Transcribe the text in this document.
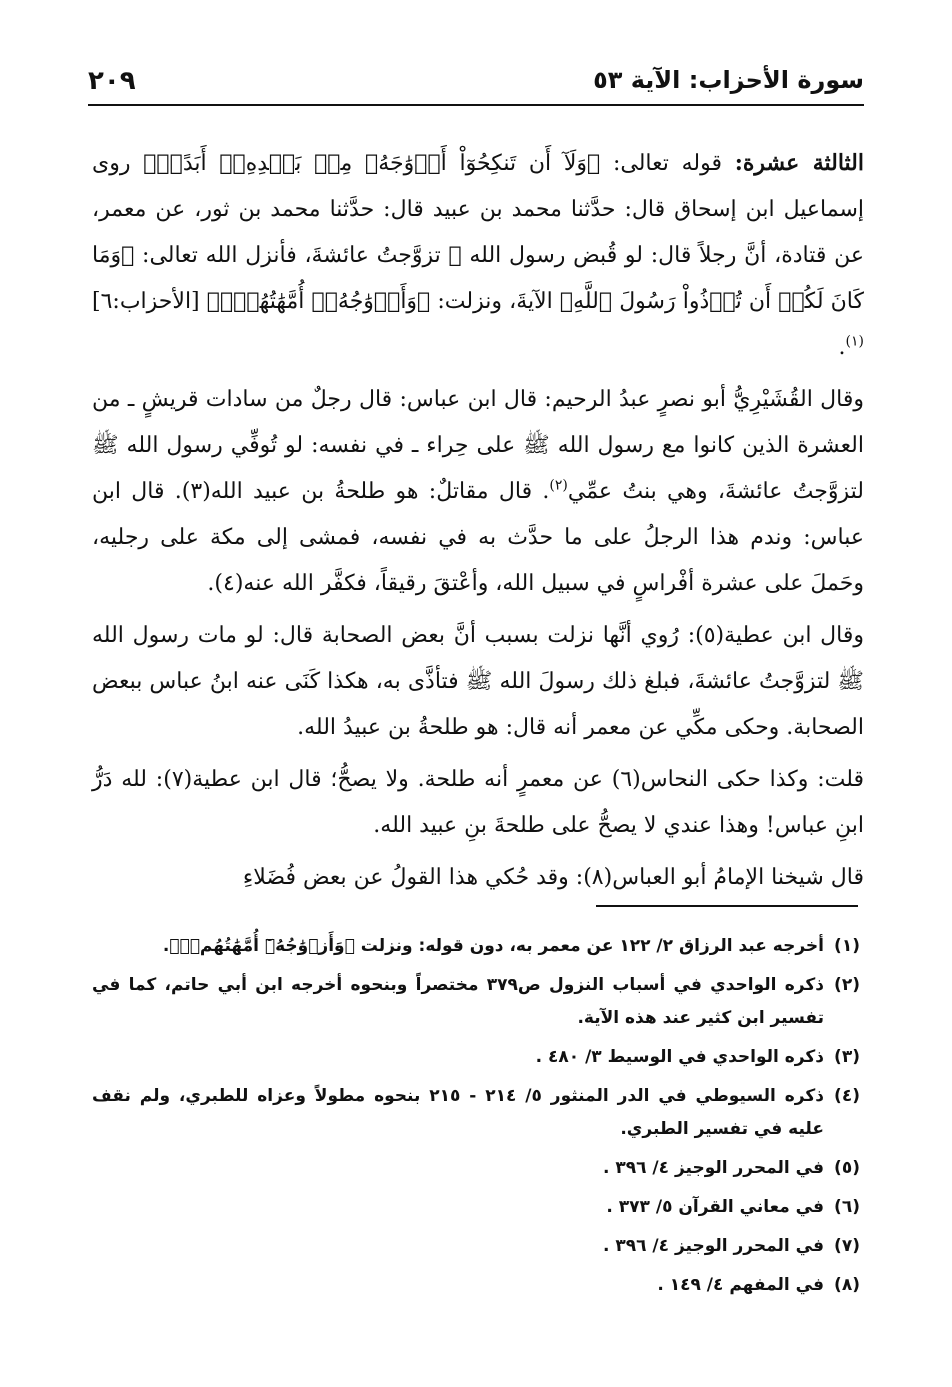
سورة الأحزاب: الآية ٥٣
٢٠٩

الثالثة عشرة: قوله تعالى: ﴿وَلَآ أَن تَنكِحُوٓاْ أَزۡوَٰجَهُۥ مِنۢ بَعۡدِهِۦٓ أَبَدًاۚ﴾ روى إسماعيل ابن إسحاق قال: حدَّثنا محمد بن عبيد قال: حدَّثنا محمد بن ثور، عن معمر، عن قتادة، أنَّ رجلاً قال: لو قُبض رسول الله ﷺ تزوَّجتُ عائشةَ، فأنزل الله تعالى: ﴿وَمَا كَانَ لَكُمۡ أَن تُؤۡذُواْ رَسُولَ ٱللَّهِ﴾ الآيةَ، ونزلت: ﴿وَأَزۡوَٰجُهُۥٓ أُمَّهَٰتُهُمۡۗ﴾ [الأحزاب:٦]$^{(١)}$.

وقال القُشَيْرِيُّ أبو نصرٍ عبدُ الرحيم: قال ابن عباس: قال رجلٌ من سادات قريشٍ ـ من العشرة الذين كانوا مع رسول الله ﷺ على حِراء ـ في نفسه: لو تُوفِّي رسول الله ﷺ لتزوَّجتُ عائشةَ، وهي بنتُ عمِّي$^{(٢)}$. قال مقاتلٌ: هو طلحةُ بن عبيد الله(٣). قال ابن عباس: وندم هذا الرجلُ على ما حدَّث به في نفسه، فمشى إلى مكة على رجليه، وحَملَ على عشرة أفْراسٍ في سبيل الله، وأعْتقَ رقيقاً، فكفَّر الله عنه(٤).

وقال ابن عطية(٥): رُوي أنَّها نزلت بسبب أنَّ بعض الصحابة قال: لو مات رسول الله ﷺ لتزوَّجتُ عائشةَ، فبلغ ذلك رسولَ الله ﷺ فتأذَّى به، هكذا كَنَى عنه ابنُ عباس ببعض الصحابة. وحكى مكِّي عن معمر أنه قال: هو طلحةُ بن عبيدُ الله.

قلت: وكذا حكى النحاس(٦) عن معمرٍ أنه طلحة. ولا يصحُّ؛ قال ابن عطية(٧): لله دَرُّ ابنِ عباس! وهذا عندي لا يصحُّ على طلحةَ بنِ عبيد الله.

قال شيخنا الإمامُ أبو العباس(٨): وقد حُكي هذا القولُ عن بعض فُضَلاءِ

(١)
أخرجه عبد الرزاق ٢/ ١٢٢ عن معمر به، دون قوله: ونزلت ﴿وَأَزۡوَٰجُهُۥٓ أُمَّهَٰتُهُمۡۗ﴾.
(٢)
ذكره الواحدي في أسباب النزول ص٣٧٩ مختصراً وبنحوه أخرجه ابن أبي حاتم، كما في تفسير ابن كثير عند هذه الآية.
(٣)
ذكره الواحدي في الوسيط ٣/ ٤٨٠ .
(٤)
ذكره السيوطي في الدر المنثور ٥/ ٢١٤ - ٢١٥ بنحوه مطولاً وعزاه للطبري، ولم نقف عليه في تفسير الطبري.
(٥)
في المحرر الوجيز ٤/ ٣٩٦ .
(٦)
في معاني القرآن ٥/ ٣٧٣ .
(٧)
في المحرر الوجيز ٤/ ٣٩٦ .
(٨)
في المفهم ٤/ ١٤٩ .
